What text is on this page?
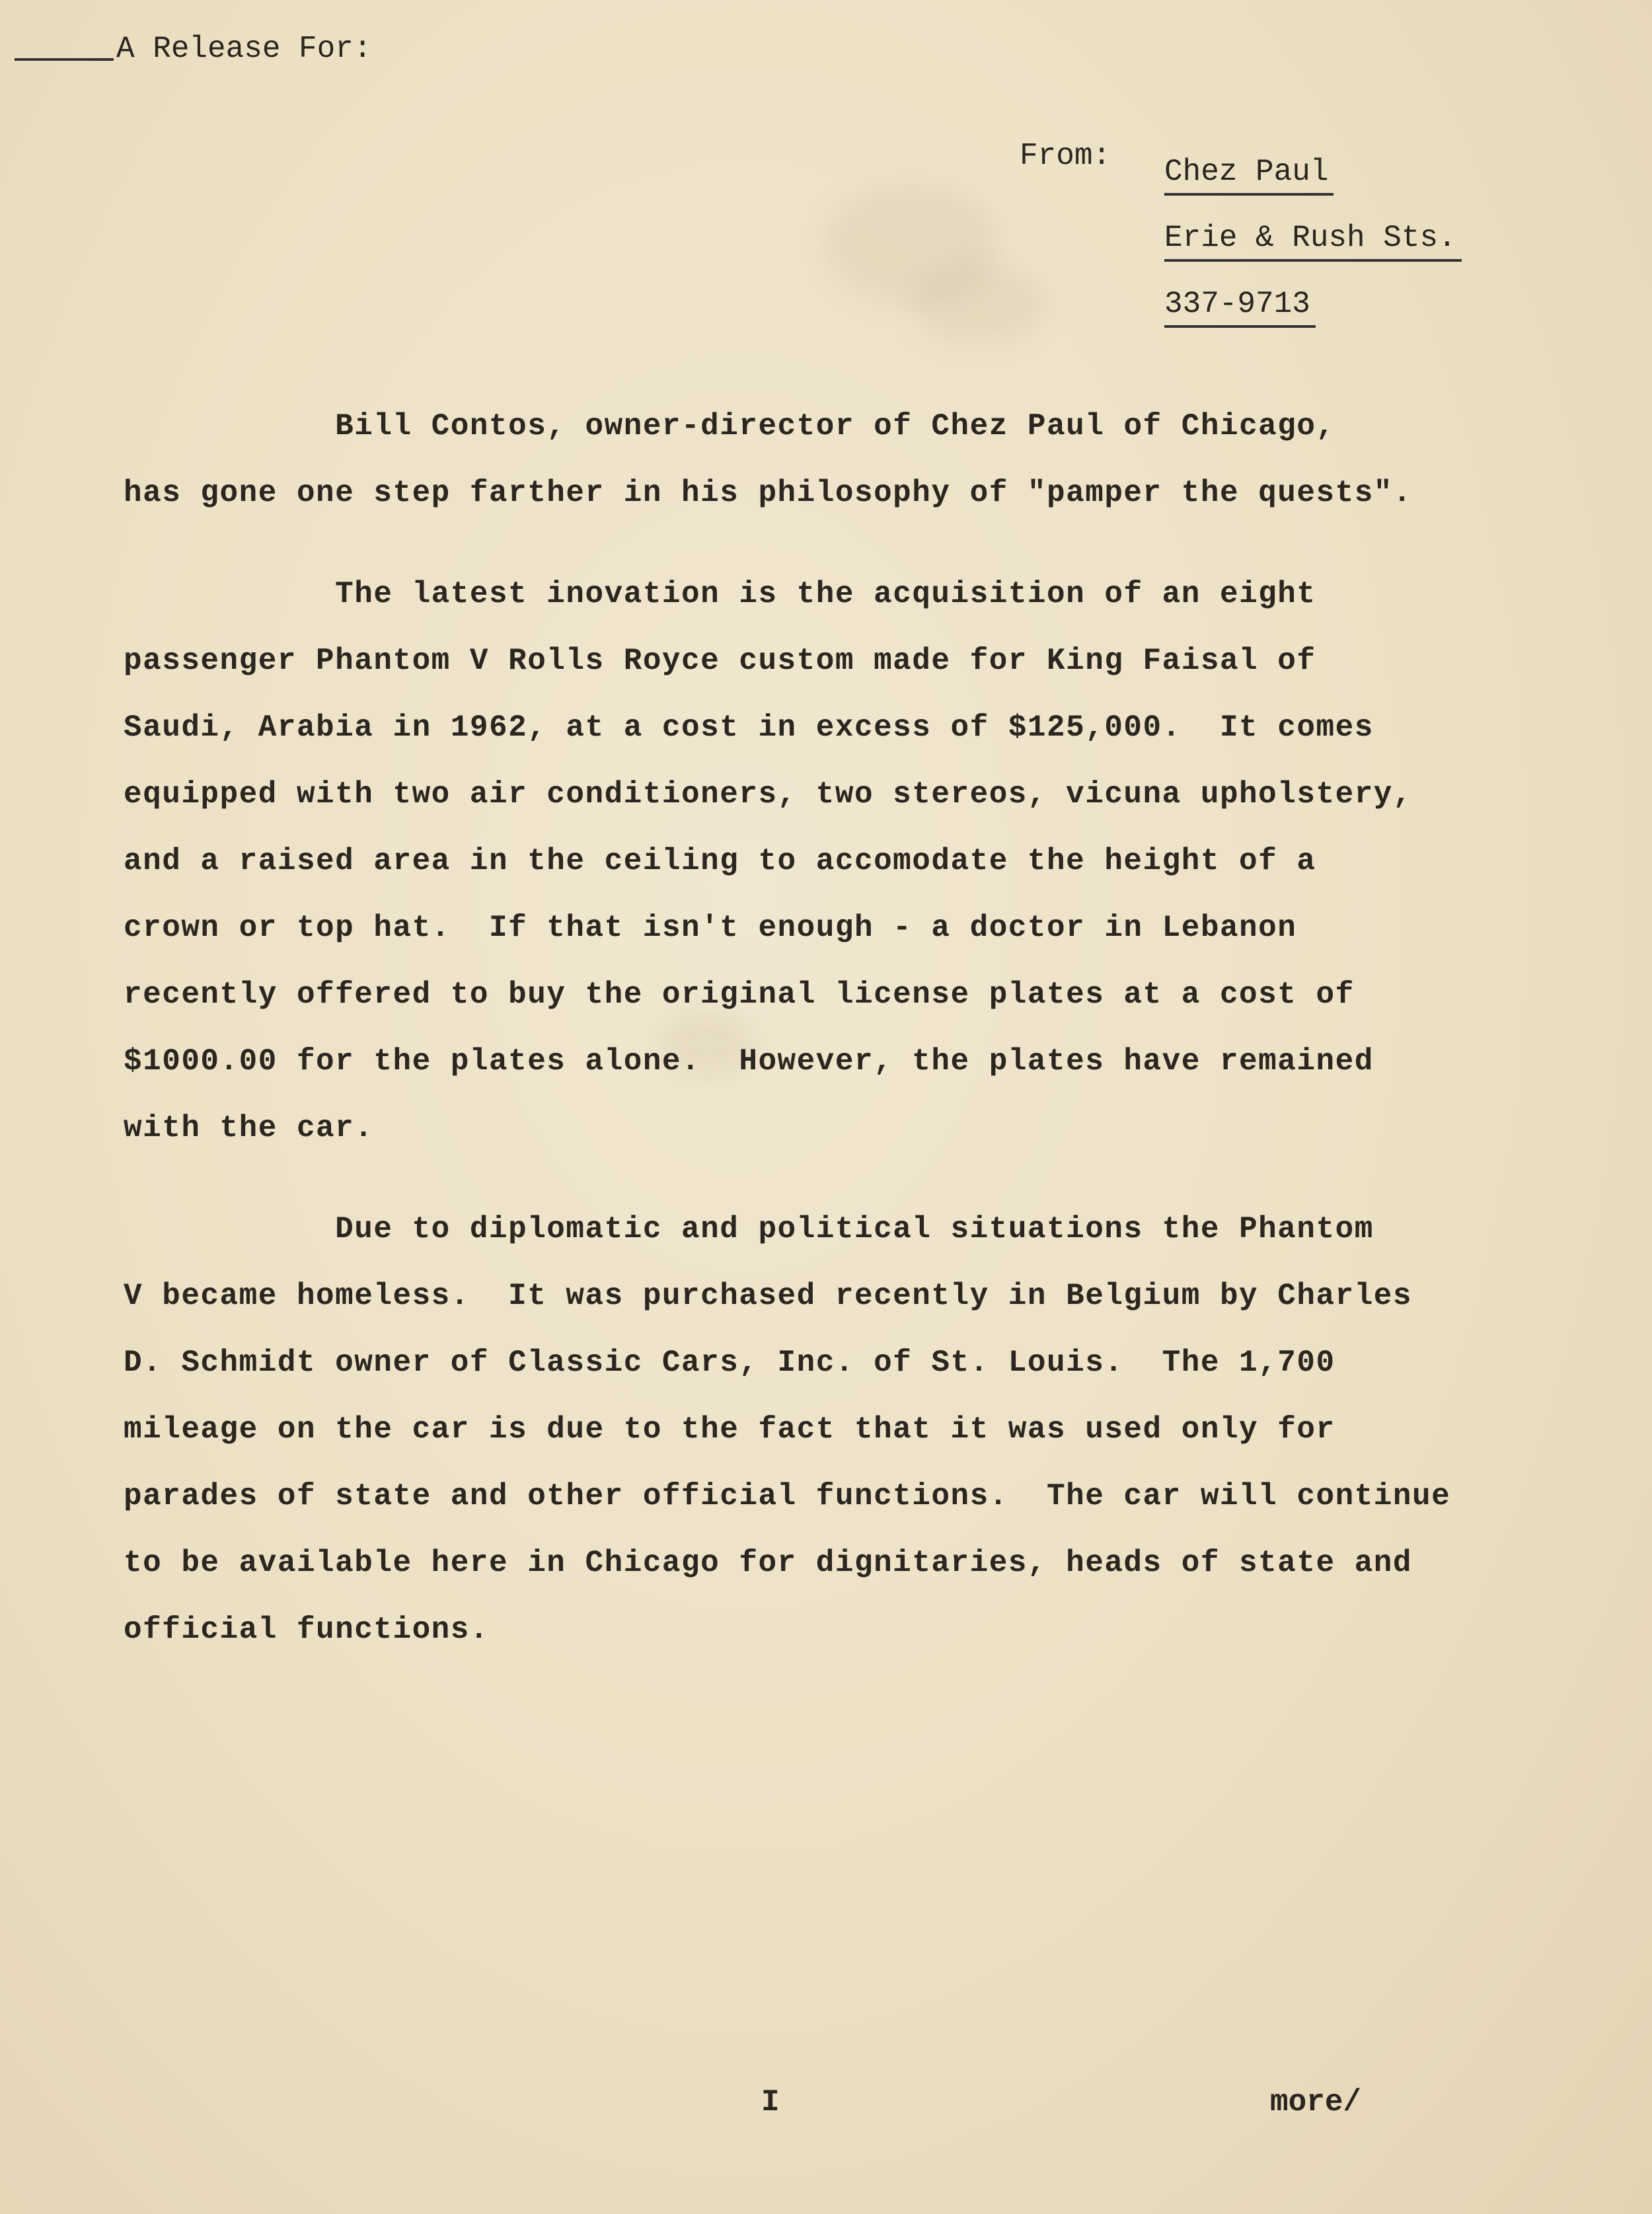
A Release For:
From: Chez Paul
Erie & Rush Sts.
337-9713

	Bill Contos, owner-director of Chez Paul of Chicago,
has gone one step farther in his philosophy of "pamper the quests".

	The latest inovation is the acquisition of an eight
passenger Phantom V Rolls Royce custom made for King Faisal of
Saudi, Arabia in 1962, at a cost in excess of $125,000.  It comes
equipped with two air conditioners, two stereos, vicuna upholstery,
and a raised area in the ceiling to accomodate the height of a
crown or top hat.  If that isn't enough - a doctor in Lebanon
recently offered to buy the original license plates at a cost of
$1000.00 for the plates alone.  However, the plates have remained
with the car.

	Due to diplomatic and political situations the Phantom
V became homeless.  It was purchased recently in Belgium by Charles
D. Schmidt owner of Classic Cars, Inc. of St. Louis.  The 1,700
mileage on the car is due to the fact that it was used only for
parades of state and other official functions.  The car will continue
to be available here in Chicago for dignitaries, heads of state and
official functions.

I	more/
